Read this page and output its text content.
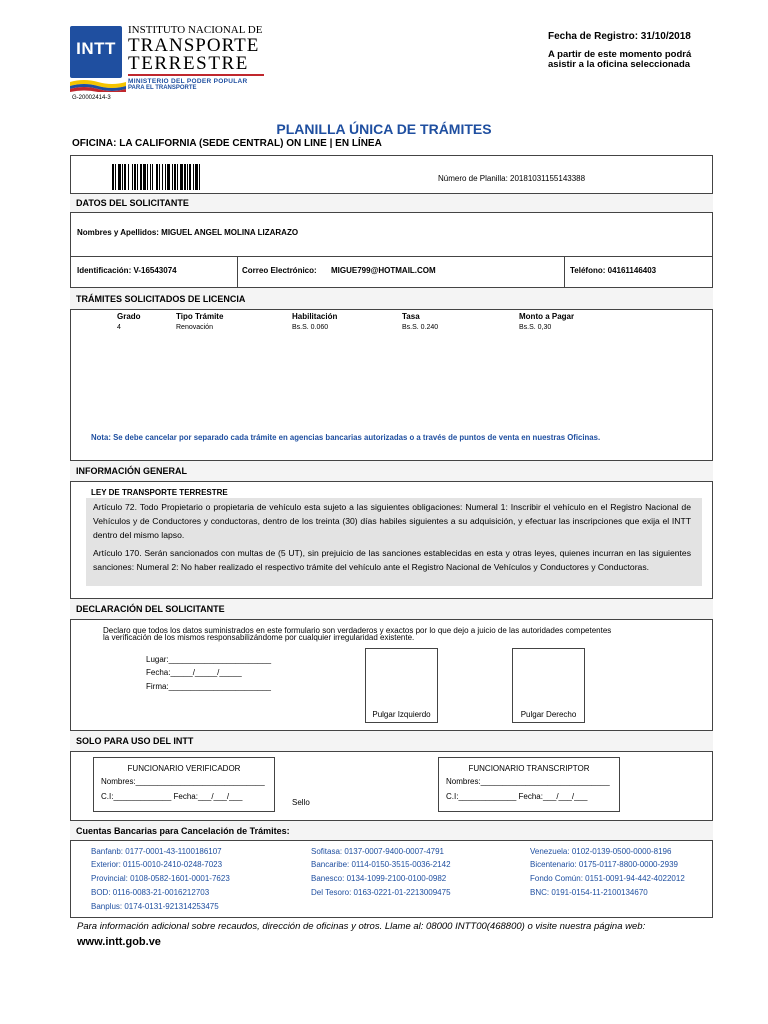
INTT
INSTITUTO NACIONAL DE
TRANSPORTE
TERRESTRE
MINISTERIO DEL PODER POPULAR
PARA EL TRANSPORTE
G-20002414-3
Fecha de Registro: 31/10/2018
A partir de este momento podrá
asistir a la oficina seleccionada
PLANILLA ÚNICA DE TRÁMITES
OFICINA: LA CALIFORNIA (SEDE CENTRAL) ON LINE | EN LÍNEA
Número de Planilla: 20181031155143388
DATOS DEL SOLICITANTE
Nombres y Apellidos: MIGUEL ANGEL MOLINA LIZARAZO
Identificación: V-16543074	Correo Electrónico: MIGUE799@HOTMAIL.COM	Teléfono: 04161146403
TRÁMITES SOLICITADOS DE LICENCIA
Grado	Tipo Trámite	Habilitación	Tasa	Monto a Pagar
4	Renovación	Bs.S. 0.060	Bs.S. 0.240	Bs.S. 0,30
Nota: Se debe cancelar por separado cada trámite en agencias bancarias autorizadas o a través de puntos de venta en nuestras Oficinas.
INFORMACIÓN GENERAL
LEY DE TRANSPORTE TERRESTRE
Artículo 72. Todo Propietario o propietaria de vehículo esta sujeto a las siguientes obligaciones: Numeral 1: Inscribir el vehículo en el Registro Nacional de Vehículos y de Conductores y conductoras, dentro de los treinta (30) días habiles siguientes a su adquisición, y efectuar las inscripciones que exija el INTT dentro del mismo lapso.
Artículo 170. Serán sancionados con multas de (5 UT), sin prejuicio de las sanciones establecidas en esta y otras leyes, quienes incurran en las siguientes sanciones: Numeral 2: No haber realizado el respectivo trámite del vehículo ante el Registro Nacional de Vehículos y Conductores y Conductoras.
DECLARACIÓN DEL SOLICITANTE
Declaro que todos los datos suministrados en este formulario son verdaderos y exactos por lo que dejo a juicio de las autoridades competentes
la verificación de los mismos responsabilizándome por cualquier irregularidad existente.
Lugar:_______________________
Fecha:_____/_____/_____
Firma:_______________________
Pulgar Izquierdo	Pulgar Derecho
SOLO PARA USO DEL INTT
FUNCIONARIO VERIFICADOR
Nombres:_____________________________
C.I:_____________ Fecha:___/___/___
Sello
FUNCIONARIO TRANSCRIPTOR
Nombres:_____________________________
C.I:_____________ Fecha:___/___/___
Cuentas Bancarias para Cancelación de Trámites:
Banfanb: 0177-0001-43-1100186107
Exterior: 0115-0010-2410-0248-7023
Provincial: 0108-0582-1601-0001-7623
BOD: 0116-0083-21-0016212703
Banplus: 0174-0131-921314253475
Sofitasa: 0137-0007-9400-0007-4791
Bancaribe: 0114-0150-3515-0036-2142
Banesco: 0134-1099-2100-0100-0982
Del Tesoro: 0163-0221-01-2213009475
Venezuela: 0102-0139-0500-0000-8196
Bicentenario: 0175-0117-8800-0000-2939
Fondo Común: 0151-0091-94-442-4022012
BNC: 0191-0154-11-2100134670
Para información adicional sobre recaudos, dirección de oficinas y otros. Llame al: 08000 INTT00(468800) o visite nuestra página web:
www.intt.gob.ve
